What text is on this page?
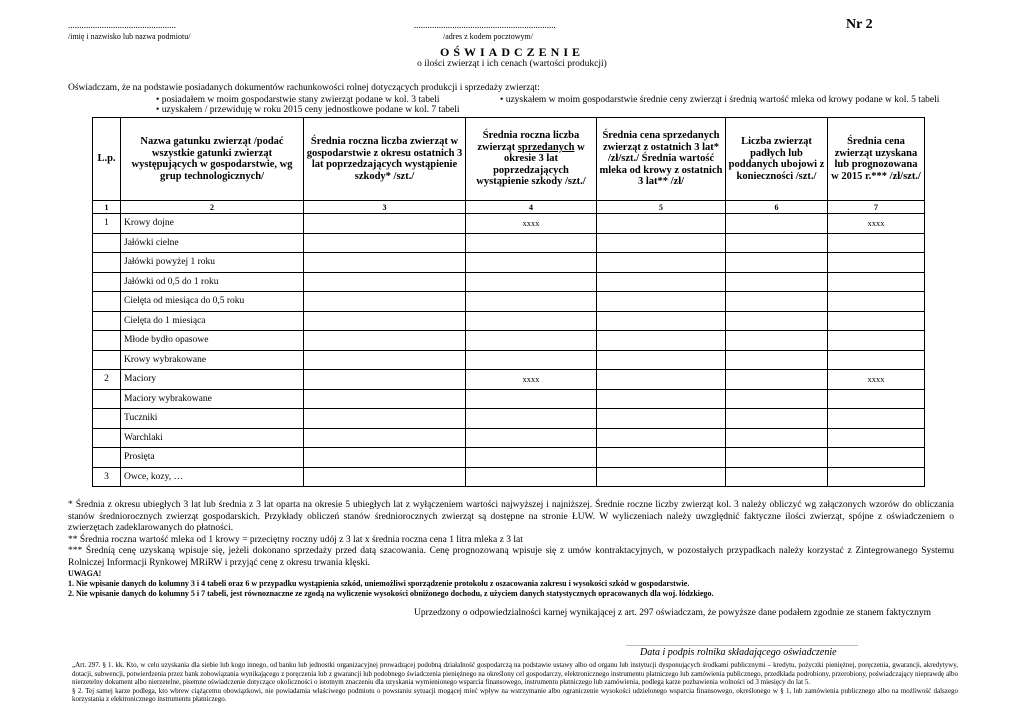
................................................
/imię i nazwisko lub nazwa podmiotu/
...............................................................
/adres z kodem pocztowym/
Nr 2
OŚWIADCZENIE
o ilości zwierząt i ich cenach (wartości produkcji)
Oświadczam, że na podstawie posiadanych dokumentów rachunkowości rolnej dotyczących produkcji i sprzedaży zwierząt:
• posiadałem w moim gospodarstwie stany zwierząt podane w kol. 3 tabeli	• uzyskałem w moim gospodarstwie średnie ceny zwierząt i średnią wartość mleka od krowy podane w kol. 5 tabeli
• uzyskałem / przewiduję w roku 2015 ceny jednostkowe podane w kol. 7 tabeli
L.p.	Nazwa gatunku zwierząt /podać wszystkie gatunki zwierząt występujących w gospodarstwie, wg grup technologicznych/	Średnia roczna liczba zwierząt w gospodarstwie z okresu ostatnich 3 lat poprzedzających wystąpienie szkody* /szt./	Średnia roczna liczba zwierząt sprzedanych w okresie 3 lat poprzedzających wystąpienie szkody /szt./	Średnia cena sprzedanych zwierząt z ostatnich 3 lat* /zł/szt./ Średnia wartość mleka od krowy z ostatnich 3 lat** /zł/	Liczba zwierząt padłych lub poddanych ubojowi z konieczności /szt./	Średnia cena zwierząt uzyskana lub prognozowana w 2015 r.*** /zł/szt./
1	2	3	4	5	6	7
1	Krowy dojne		xxxx			xxxx
	Jałówki cielne					
	Jałówki powyżej 1 roku					
	Jałówki od 0,5 do 1 roku					
	Cielęta od miesiąca do 0,5 roku					
	Cielęta do 1 miesiąca					
	Młode bydło opasowe					
	Krowy wybrakowane					
2	Maciory		xxxx			xxxx
	Maciory wybrakowane					
	Tuczniki					
	Warchlaki					
	Prosięta					
3	Owce, kozy, …					
* Średnia z okresu ubiegłych 3 lat lub średnia z 3 lat oparta na okresie 5 ubiegłych lat z wyłączeniem wartości najwyższej i najniższej. Średnie roczne liczby zwierząt kol. 3 należy obliczyć wg załączonych wzorów do obliczania stanów średniorocznych zwierząt gospodarskich. Przykłady obliczeń stanów średniorocznych zwierząt są dostępne na stronie ŁUW. W wyliczeniach należy uwzględnić faktyczne ilości zwierząt, spójne z oświadczeniem o zwierzętach zadeklarowanych do płatności.
** Średnia roczna wartość mleka od 1 krowy = przeciętny roczny udój z 3 lat x średnia roczna cena 1 litra mleka z 3 lat
*** Średnią cenę uzyskaną wpisuje się, jeżeli dokonano sprzedaży przed datą szacowania. Cenę prognozowaną wpisuje się z umów kontraktacyjnych, w pozostałych przypadkach należy korzystać z Zintegrowanego Systemu Rolniczej Informacji Rynkowej MRiRW i przyjąć cenę z okresu trwania klęski.
UWAGA!
1. Nie wpisanie danych do kolumny 3 i 4 tabeli oraz 6 w przypadku wystąpienia szkód, uniemożliwi sporządzenie protokołu z oszacowania zakresu i wysokości szkód w gospodarstwie.
2. Nie wpisanie danych do kolumny 5 i 7 tabeli, jest równoznaczne ze zgodą na wyliczenie wysokości obniżonego dochodu, z użyciem danych statystycznych opracowanych dla woj. łódzkiego.
Uprzedzony o odpowiedzialności karnej wynikającej z art. 297 oświadczam, że powyższe dane podałem zgodnie ze stanem faktycznym
Data i podpis rolnika składającego oświadczenie
„Art. 297. § 1. kk. Kto, w celu uzyskania dla siebie lub kogo innego, od banku lub jednostki organizacyjnej prowadzącej podobną działalność gospodarczą na podstawie ustawy albo od organu lub instytucji dysponujących środkami publicznymi – kredytu, pożyczki pieniężnej, poręczenia, gwarancji, akredytywy, dotacji, subwencji, potwierdzenia przez bank zobowiązania wynikającego z poręczenia lub z gwarancji lub podobnego świadczenia pieniężnego na określony cel gospodarczy, elektronicznego instrumentu płatniczego lub zamówienia publicznego, przedkłada podrobiony, przerobiony, poświadczający nieprawdę albo nierzetelny dokument albo nierzetelne, pisemne oświadczenie dotyczące okoliczności o istotnym znaczeniu dla uzyskania wymienionego wsparcia finansowego, instrumentu płatniczego lub zamówienia, podlega karze pozbawienia wolności od 3 miesięcy do lat 5.
§ 2. Tej samej karze podlega, kto wbrew ciążącemu obowiązkowi, nie powiadamia właściwego podmiotu o powstaniu sytuacji mogącej mieć wpływ na wstrzymanie albo ograniczenie wysokości udzielonego wsparcia finansowego, określonego w § 1, lub zamówienia publicznego albo na możliwość dalszego korzystania z elektronicznego instrumentu płatniczego.
